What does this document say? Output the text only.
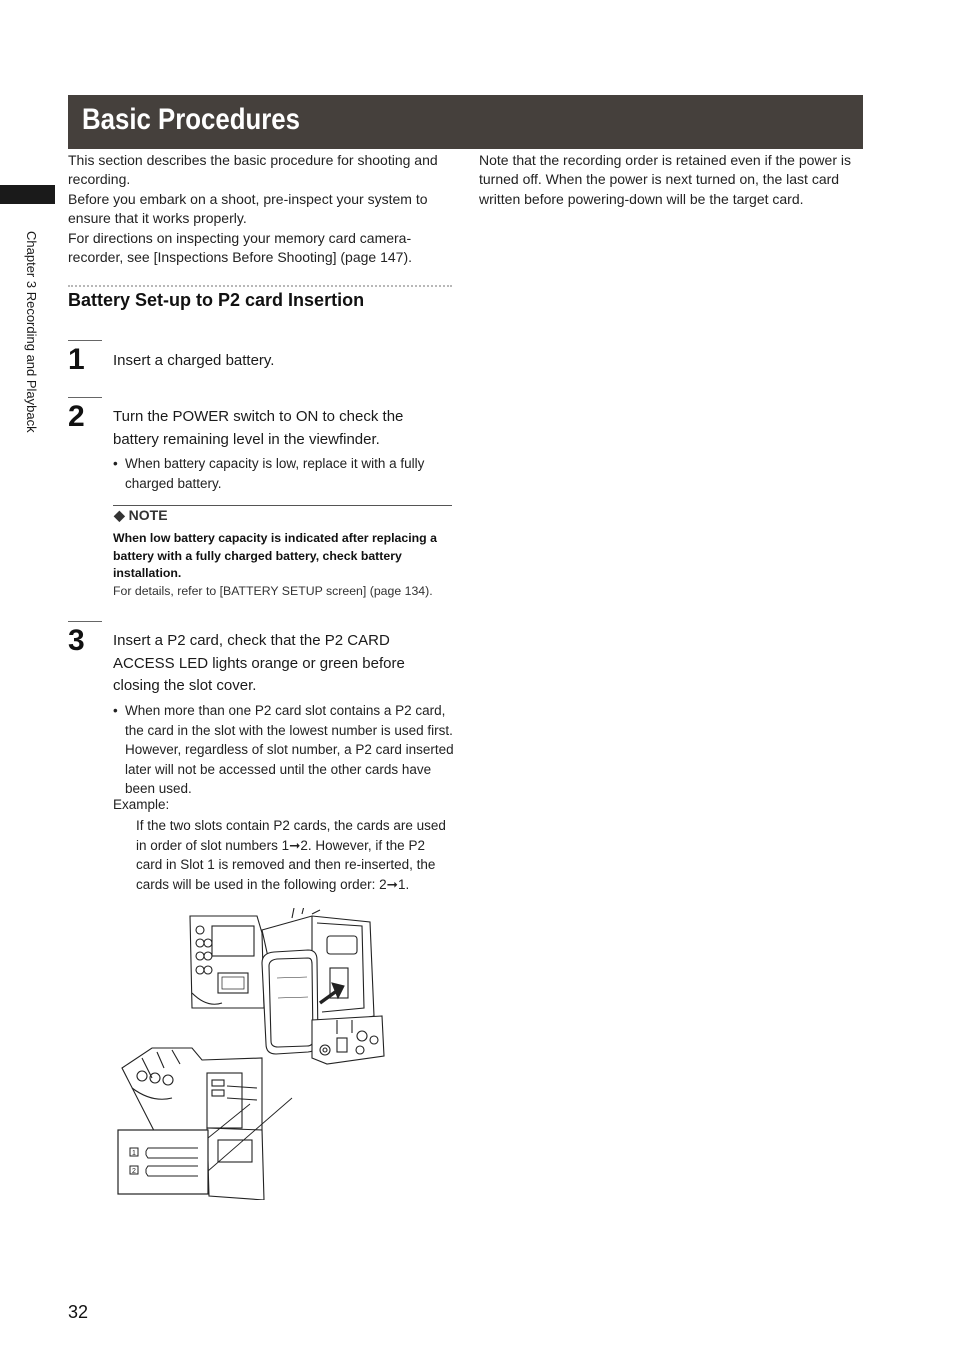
Basic Procedures
Chapter 3 Recording and Playback
This section describes the basic procedure for shooting and recording.
Before you embark on a shoot, pre-inspect your system to ensure that it works properly.
For directions on inspecting your memory card camera-recorder, see [Inspections Before Shooting] (page 147).
Note that the recording order is retained even if the power is turned off. When the power is next turned on, the last card written before powering-down will be the target card.
Battery Set-up to P2 card Insertion
1 Insert a charged battery.
2 Turn the POWER switch to ON to check the battery remaining level in the viewfinder.
• When battery capacity is low, replace it with a fully charged battery.
◆ NOTE
When low battery capacity is indicated after replacing a battery with a fully charged battery, check battery installation.
For details, refer to [BATTERY SETUP screen] (page 134).
3 Insert a P2 card, check that the P2 CARD ACCESS LED lights orange or green before closing the slot cover.
• When more than one P2 card slot contains a P2 card, the card in the slot with the lowest number is used first. However, regardless of slot number, a P2 card inserted later will not be accessed until the other cards have been used.
Example:
If the two slots contain P2 cards, the cards are used in order of slot numbers 1➞2. However, if the P2 card in Slot 1 is removed and then re-inserted, the cards will be used in the following order: 2➞1.
1
2
32
